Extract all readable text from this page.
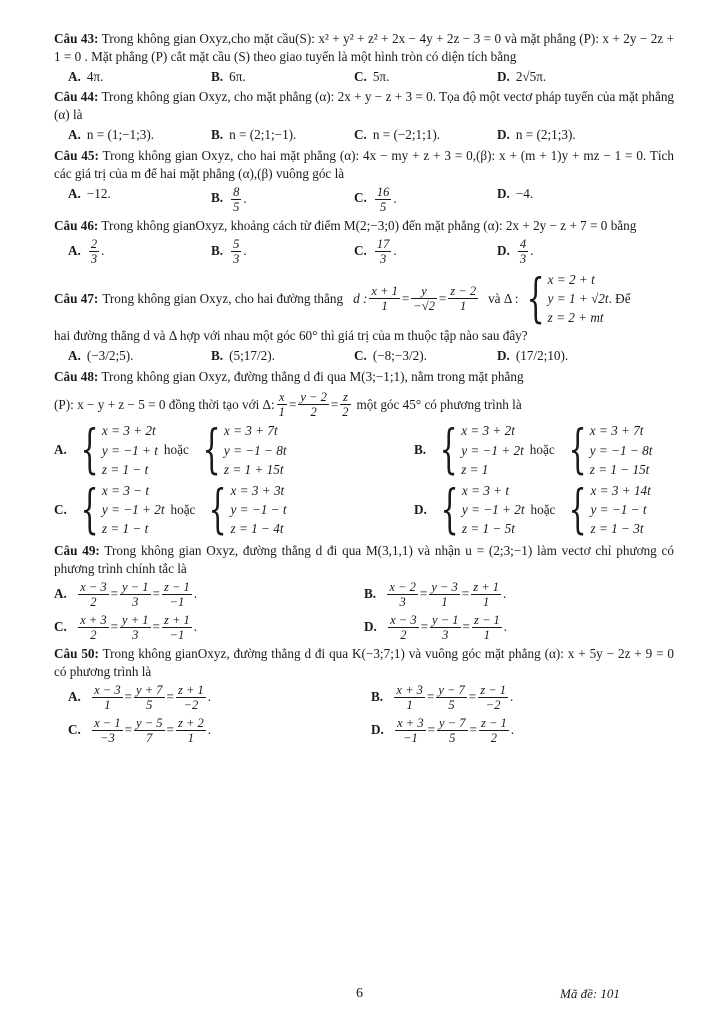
Câu 43: Trong không gian Oxyz,cho mặt cầu(S): x² + y² + z² + 2x − 4y + 2z − 3 = 0 và mặt phẳng (P): x + 2y − 2z + 1 = 0 . Mặt phẳng (P) cắt mặt cầu (S) theo giao tuyến là một hình tròn có diện tích bằng
A. 4π.	B. 6π.	C. 5π.	D. 2√5π.
Câu 44: Trong không gian Oxyz, cho mặt phẳng (α): 2x + y − z + 3 = 0. Tọa độ một vectơ pháp tuyến của mặt phẳng (α) là
A. n = (1;−1;3).	B. n = (2;1;−1).	C. n = (−2;1;1).	D. n = (2;1;3).
Câu 45: Trong không gian Oxyz, cho hai mặt phẳng (α): 4x − my + z + 3 = 0,(β): x + (m + 1)y + mz − 1 = 0. Tích các giá trị của m để hai mặt phẳng (α),(β) vuông góc là
A. −12.	B. $\frac{8}{5}$ .	C. $\frac{16}{5}$ .	D. −4.
Câu 46: Trong không gianOxyz, khoảng cách từ điểm M(2;−3;0) đến mặt phẳng (α): 2x + 2y − z + 7 = 0 bằng
A. $\frac{2}{3}$ .	B. $\frac{5}{3}$ .	C. $\frac{17}{3}$ .	D. $\frac{4}{3}$ .
Câu 47: Trong không gian Oxyz, cho hai đường thẳng d : $\frac{x + 1}{1} = \frac{y}{-√2} = \frac{z - 2}{1}$ và Δ : { x = 2 + t
y = 1 + √2t
z = 2 + mt
. Để
hai đường thẳng d và Δ hợp với nhau một góc 60° thì giá trị của m thuộc tập nào sau đây?
A. (−3/2;5).	B. (5;17/2).	C. (−8;−3/2).	D. (17/2;10).
Câu 48: Trong không gian Oxyz, đường thẳng d đi qua M(3;−1;1), nằm trong mặt phẳng
(P): x − y + z − 5 = 0 đồng thời tạo với Δ: $\frac{x}{1} = \frac{y - 2}{2} = \frac{z}{2}$ một góc 45° có phương trình là
A. { x = 3 + 2t
y = −1 + t
z = 1 − t
hoặc { x = 3 + 7t
y = −1 − 8t
z = 1 + 15t
B. { x = 3 + 2t
y = −1 + 2t
z = 1
hoặc { x = 3 + 7t
y = −1 − 8t
z = 1 − 15t
C. { x = 3 − t
y = −1 + 2t
z = 1 − t
hoặc { x = 3 + 3t
y = −1 − t
z = 1 − 4t
D. { x = 3 + t
y = −1 + 2t
z = 1 − 5t
hoặc { x = 3 + 14t
y = −1 − t
z = 1 − 3t
Câu 49: Trong không gian Oxyz, đường thẳng d đi qua M(3,1,1) và nhận u = (2;3;−1) làm vectơ chỉ phương có phương trình chính tắc là
A. $\frac{x - 3}{2} = \frac{y - 1}{3} = \frac{z - 1}{-1}$ .	B. $\frac{x - 2}{3} = \frac{y - 3}{1} = \frac{z + 1}{1}$ .
C. $\frac{x + 3}{2} = \frac{y + 1}{3} = \frac{z + 1}{-1}$ .	D. $\frac{x - 3}{2} = \frac{y - 1}{3} = \frac{z - 1}{1}$ .
Câu 50: Trong không gianOxyz, đường thẳng d đi qua K(−3;7;1) và vuông góc mặt phẳng (α): x + 5y − 2z + 9 = 0 có phương trình là
A. $\frac{x - 3}{1} = \frac{y + 7}{5} = \frac{z + 1}{-2}$ .	B. $\frac{x + 3}{1} = \frac{y - 7}{5} = \frac{z - 1}{-2}$ .
C. $\frac{x - 1}{-3} = \frac{y - 5}{7} = \frac{z + 2}{1}$ .	D. $\frac{x + 3}{-1} = \frac{y - 7}{5} = \frac{z - 1}{2}$ .
6	Mã đề: 101
